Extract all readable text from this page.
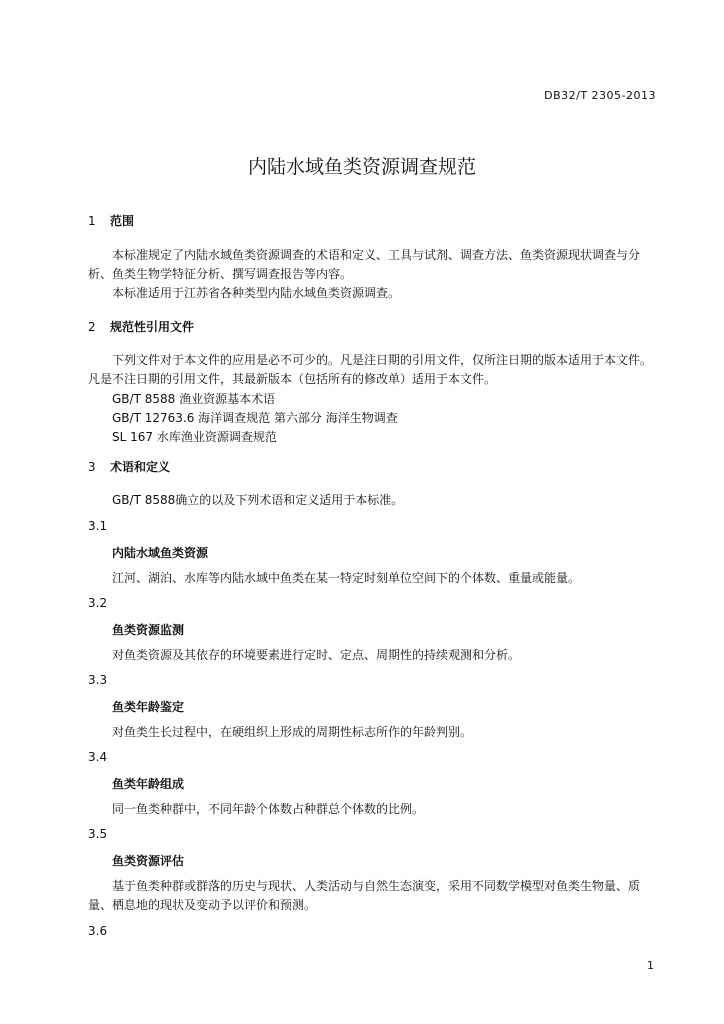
DB32/T 2305-2013
内陆水域鱼类资源调查规范
1 范围
本标准规定了内陆水域鱼类资源调查的术语和定义、工具与试剂、调查方法、鱼类资源现状调查与分析、鱼类生物学特征分析、撰写调查报告等内容。
本标准适用于江苏省各种类型内陆水域鱼类资源调查。
2 规范性引用文件
下列文件对于本文件的应用是必不可少的。凡是注日期的引用文件，仅所注日期的版本适用于本文件。凡是不注日期的引用文件，其最新版本（包括所有的修改单）适用于本文件。
GB/T 8588 渔业资源基本术语
GB/T 12763.6 海洋调查规范 第六部分 海洋生物调查
SL 167 水库渔业资源调查规范
3 术语和定义
GB/T 8588确立的以及下列术语和定义适用于本标准。
3.1
内陆水域鱼类资源
江河、湖泊、水库等内陆水域中鱼类在某一特定时刻单位空间下的个体数、重量或能量。
3.2
鱼类资源监测
对鱼类资源及其依存的环境要素进行定时、定点、周期性的持续观测和分析。
3.3
鱼类年龄鉴定
对鱼类生长过程中，在硬组织上形成的周期性标志所作的年龄判别。
3.4
鱼类年龄组成
同一鱼类种群中，不同年龄个体数占种群总个体数的比例。
3.5
鱼类资源评估
基于鱼类种群或群落的历史与现状、人类活动与自然生态演变，采用不同数学模型对鱼类生物量、质量、栖息地的现状及变动予以评价和预测。
3.6
1
